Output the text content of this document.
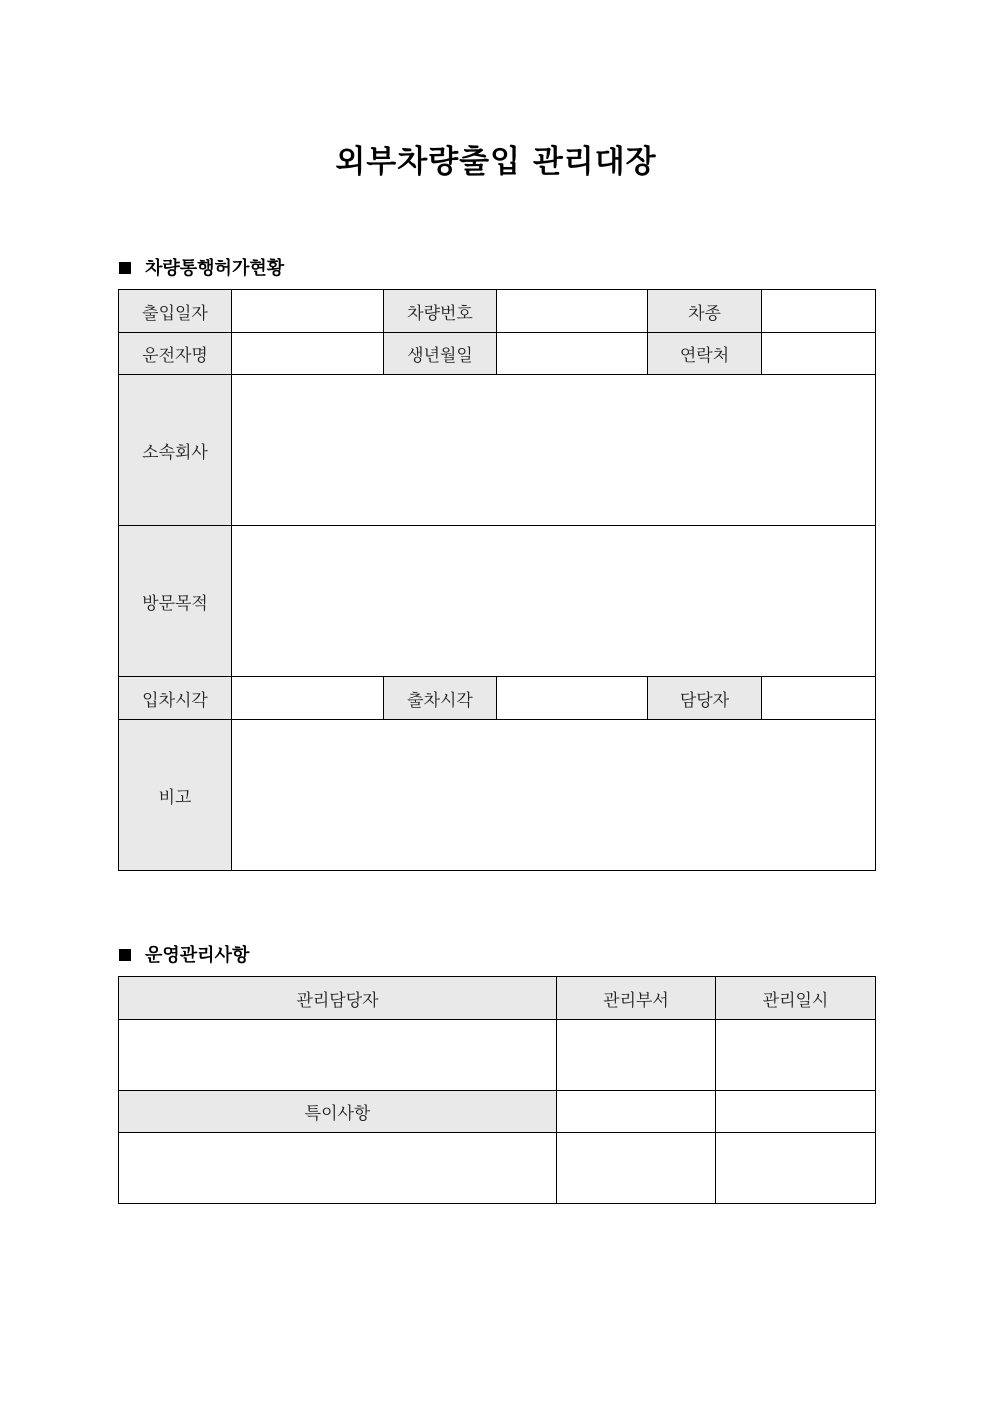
외부차량출입 관리대장
차량통행허가현황
출입일자		차량번호		차종	
운전자명		생년월일		연락처	
소속회사					
방문목적					
입차시각		출차시각		담당자	
비고					
운영관리사항
관리담당자	관리부서	관리일시

특이사항		
